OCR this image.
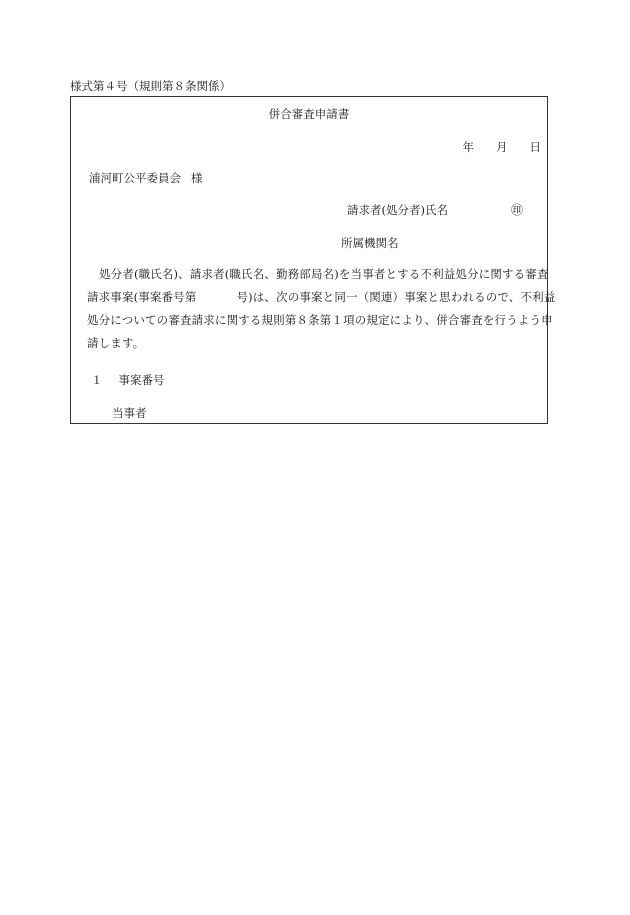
様式第４号（規則第８条関係）
併合審査申請書
年 月 日
浦河町公平委員会 様
請求者(処分者)氏名	㊞
所属機関名
処分者(職氏名)、請求者(職氏名、勤務部局名)を当事者とする不利益処分に関する審査
請求事案(事案番号第	号)は、次の事案と同一（関連）事案と思われるので、不利益
処分についての審査請求に関する規則第８条第１項の規定により、併合審査を行うよう申
請します。
１ 事案番号
当事者
